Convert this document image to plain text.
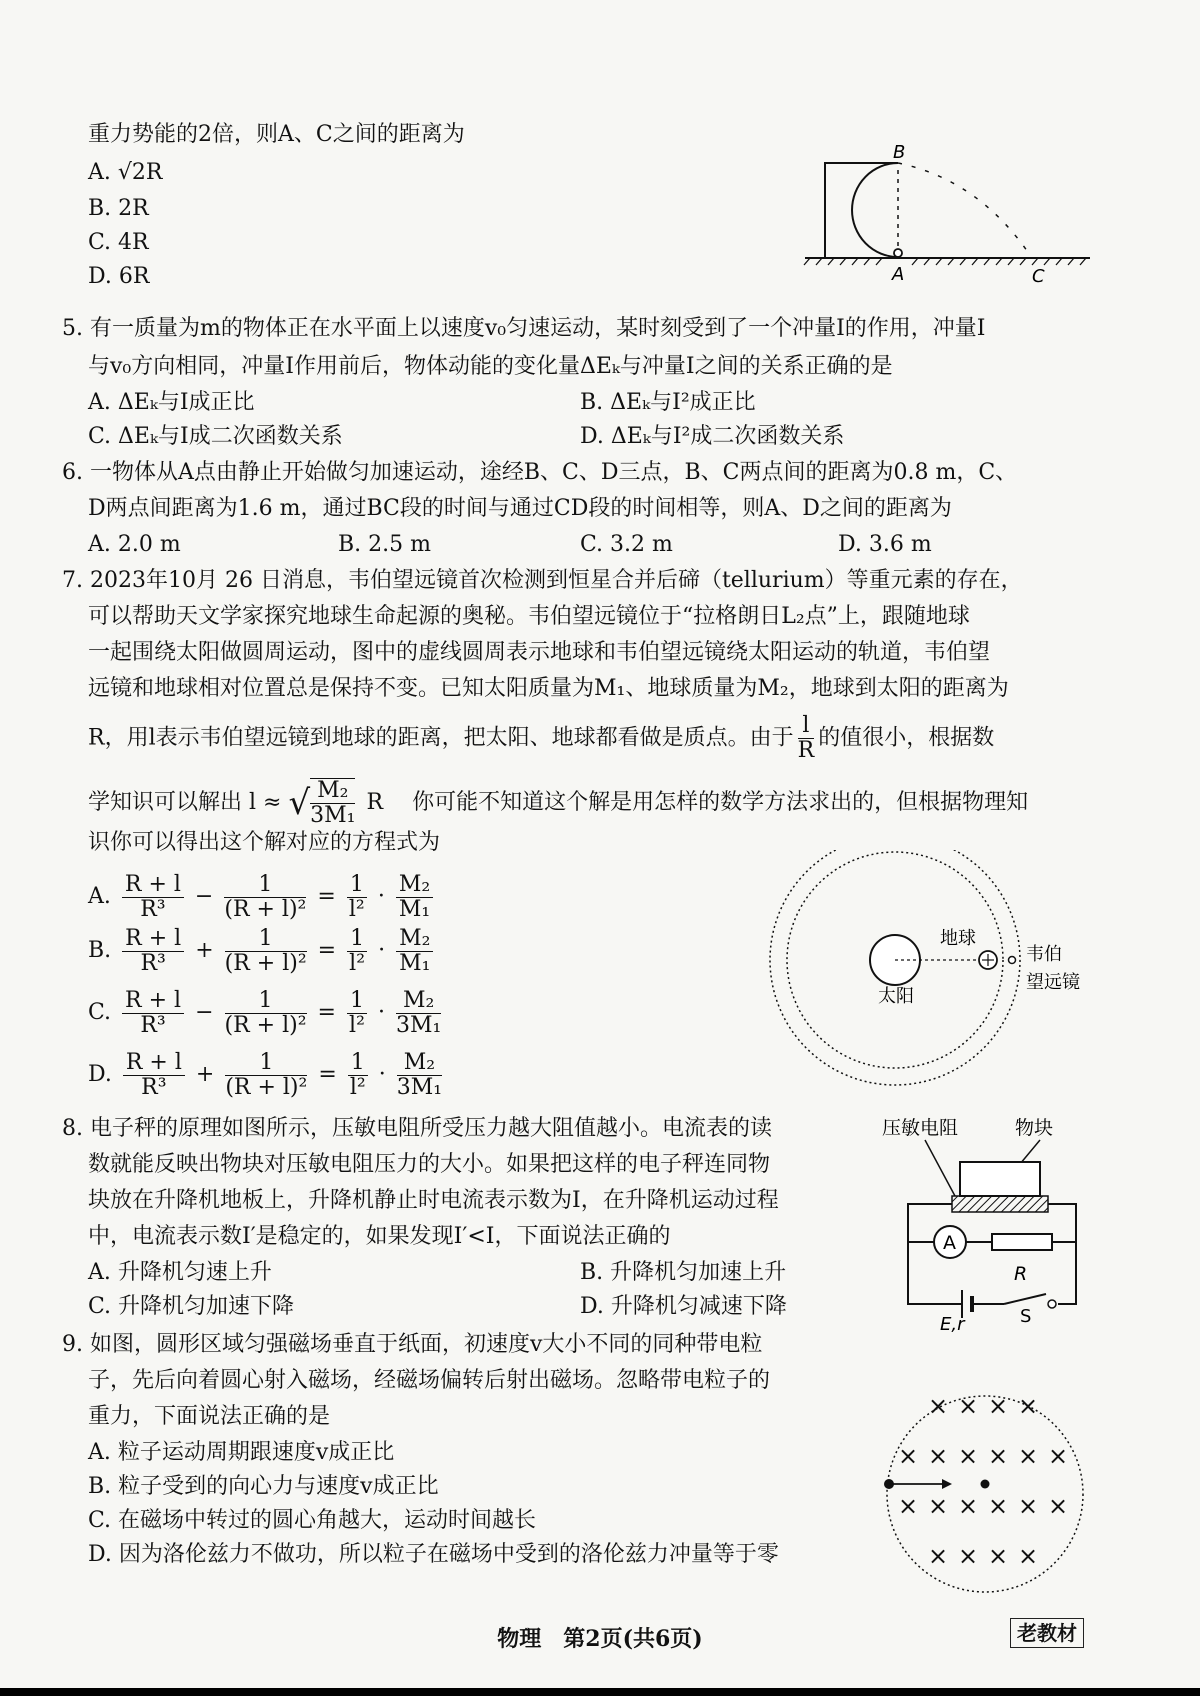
重力势能的2倍，则A、C之间的距离为
A. √2R
B. 2R
C. 4R
D. 6R
B
A	C
5. 有一质量为m的物体正在水平面上以速度v₀匀速运动，某时刻受到了一个冲量I的作用，冲量I
与v₀方向相同，冲量I作用前后，物体动能的变化量ΔEₖ与冲量I之间的关系正确的是
A. ΔEₖ与I成正比	B. ΔEₖ与I²成正比
C. ΔEₖ与I成二次函数关系	D. ΔEₖ与I²成二次函数关系
6. 一物体从A点由静止开始做匀加速运动，途经B、C、D三点，B、C两点间的距离为0.8 m，C、
D两点间距离为1.6 m，通过BC段的时间与通过CD段的时间相等，则A、D之间的距离为
A. 2.0 m	B. 2.5 m	C. 3.2 m	D. 3.6 m
7. 2023年10月 26 日消息，韦伯望远镜首次检测到恒星合并后碲（tellurium）等重元素的存在，
可以帮助天文学家探究地球生命起源的奥秘。韦伯望远镜位于“拉格朗日L₂点”上，跟随地球
一起围绕太阳做圆周运动，图中的虚线圆周表示地球和韦伯望远镜绕太阳运动的轨道，韦伯望
远镜和地球相对位置总是保持不变。已知太阳质量为M₁、地球质量为M₂，地球到太阳的距离为
R，用l表示韦伯望远镜到地球的距离，把太阳、地球都看做是质点。由于 $\frac{l}{R}$ 的值很小，根据数
学知识可以解出 l ≈ √ $\frac{\text{M₂}}{\text{3M₁}}$ R　 你可能不知道这个解是用怎样的数学方法求出的，但根据物理知
识你可以得出这个解对应的方程式为
A. $\frac{R + l}{\text{R³}} - \frac{1}{\text{(R + l)²}} = \frac{1}{\text{l²}} \cdot \frac{\text{M₂}}{\text{M₁}}$
B. $\frac{R + l}{\text{R³}} + \frac{1}{\text{(R + l)²}} = \frac{1}{\text{l²}} \cdot \frac{\text{M₂}}{\text{M₁}}$
C. $\frac{R + l}{\text{R³}} - \frac{1}{\text{(R + l)²}} = \frac{1}{\text{l²}} \cdot \frac{\text{M₂}}{\text{3M₁}}$
D. $\frac{R + l}{\text{R³}} + \frac{1}{\text{(R + l)²}} = \frac{1}{\text{l²}} \cdot \frac{\text{M₂}}{\text{3M₁}}$
地球
太阳
韦伯
望远镜
8. 电子秤的原理如图所示，压敏电阻所受压力越大阻值越小。电流表的读
数就能反映出物块对压敏电阻压力的大小。如果把这样的电子秤连同物
块放在升降机地板上，升降机静止时电流表示数为I，在升降机运动过程
中，电流表示数I′是稳定的，如果发现I′<I，下面说法正确的
A. 升降机匀速上升	B. 升降机匀加速上升
C. 升降机匀加速下降	D. 升降机匀减速下降
压敏电阻	物块
A
R
E,r	S
9. 如图，圆形区域匀强磁场垂直于纸面，初速度v大小不同的同种带电粒
子，先后向着圆心射入磁场，经磁场偏转后射出磁场。忽略带电粒子的
重力，下面说法正确的是
A. 粒子运动周期跟速度v成正比
B. 粒子受到的向心力与速度v成正比
C. 在磁场中转过的圆心角越大，运动时间越长
D. 因为洛伦兹力不做功，所以粒子在磁场中受到的洛伦兹力冲量等于零
× × × ×
× × × × × ×
× × × × × ×
× × × ×
物理　第2页(共6页)	老教材
